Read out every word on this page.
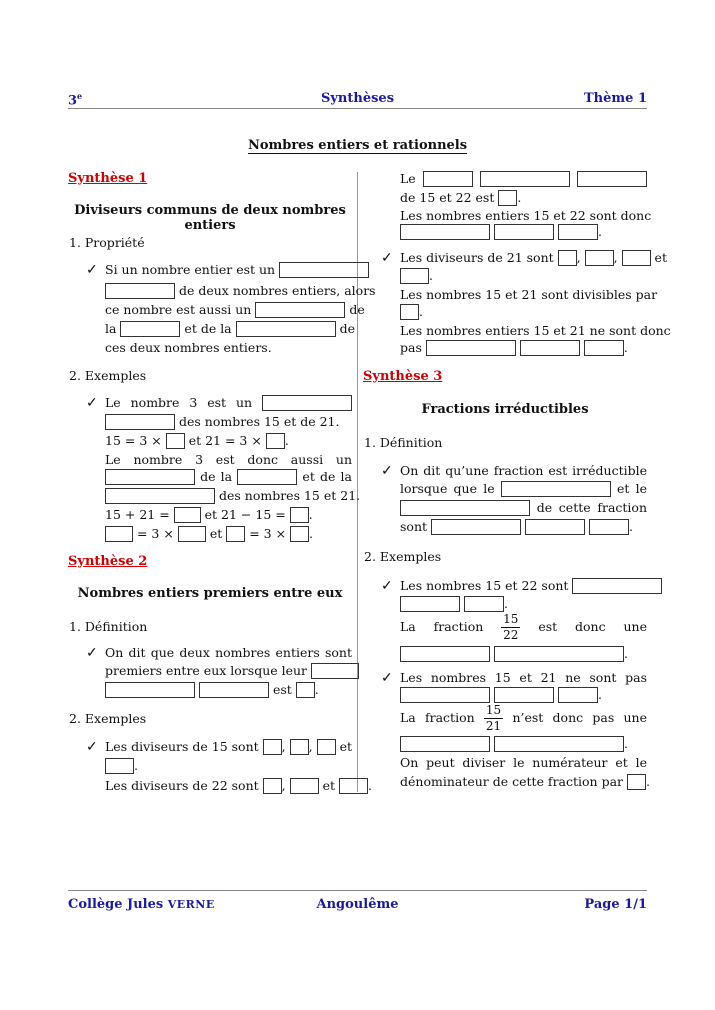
3e	Synthèses	Thème 1
Nombres entiers et rationnels
Synthèse 1
Diviseurs communs de deux nombres entiers
1. Propriété
✓ Si un nombre entier est un
de deux nombres entiers, alors
ce nombre est aussi un	de
la	et de la	de
ces deux nombres entiers.
2. Exemples
✓ Le nombre 3 est un
des nombres 15 et de 21.
15 = 3 × et 21 = 3 × .
Le nombre 3 est donc aussi un
de la	et de la
des nombres 15 et 21.
15 + 21 =	et 21 − 15 = .
= 3 ×	et = 3 × .
Synthèse 2
Nombres entiers premiers entre eux
1. Définition
✓ On dit que deux nombres entiers sont
premiers entre eux lorsque leur
est .
2. Exemples
✓ Les diviseurs de 15 sont , , et
.
Les diviseurs de 22 sont ,	et	.
Le
de 15 et 22 est .
Les nombres entiers 15 et 22 sont donc
.
✓ Les diviseurs de 21 sont ,	,	et
.
Les nombres 15 et 21 sont divisibles par
.
Les nombres entiers 15 et 21 ne sont donc
pas	.
Synthèse 3
Fractions irréductibles
1. Définition
✓ On dit qu’une fraction est irréductible
lorsque que le	et le
de cette fraction
sont	.
2. Exemples
✓ Les nombres 15 et 22 sont
.
La fraction $\frac{15}{22}$ est donc une
.
✓ Les nombres 15 et 21 ne sont pas
.
La fraction $\frac{15}{21}$ n’est donc pas une
.
On peut diviser le numérateur et le
dénominateur de cette fraction par .
Collège Jules VERNE	Angoulême	Page 1/1
